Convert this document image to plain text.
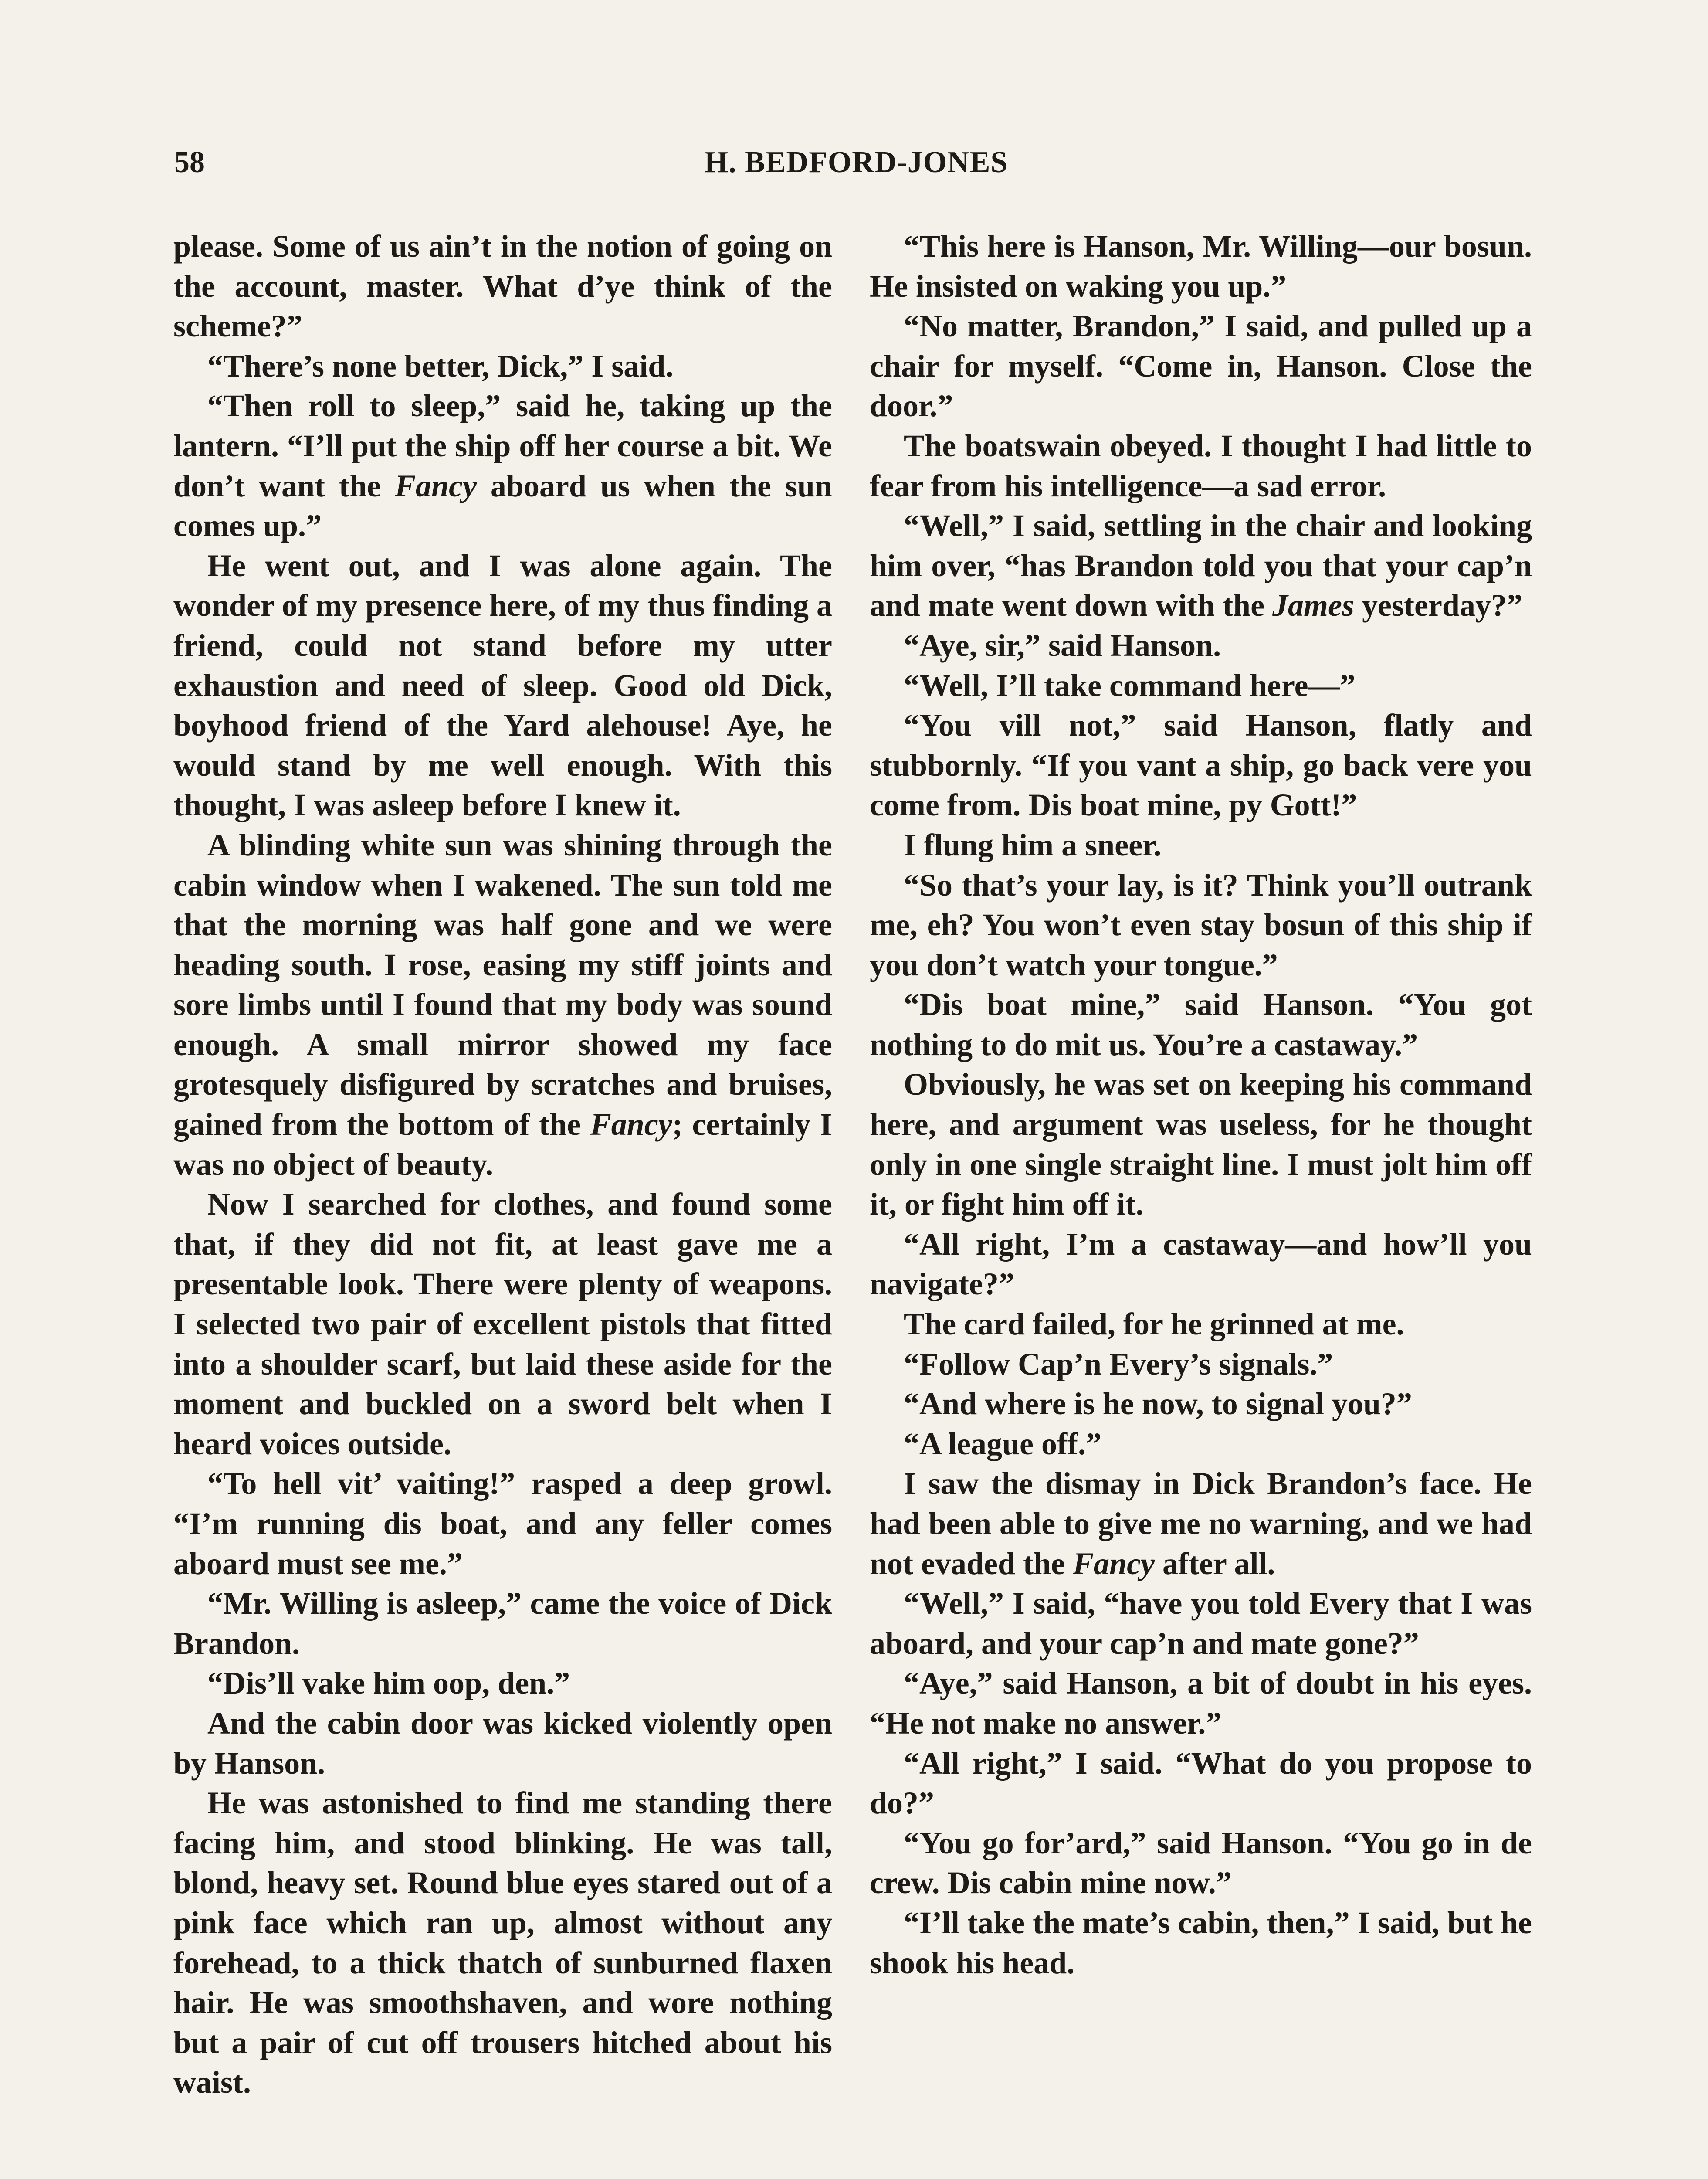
58	H. BEDFORD-JONES

please. Some of us ain’t in the notion of going on the account, master. What d’ye think of the scheme?”

“There’s none better, Dick,” I said.

“Then roll to sleep,” said he, taking up the lantern. “I’ll put the ship off her course a bit. We don’t want the Fancy aboard us when the sun comes up.”

He went out, and I was alone again. The wonder of my presence here, of my thus finding a friend, could not stand before my utter exhaustion and need of sleep. Good old Dick, boyhood friend of the Yard alehouse! Aye, he would stand by me well enough. With this thought, I was asleep before I knew it.

A blinding white sun was shining through the cabin window when I wakened. The sun told me that the morning was half gone and we were heading south. I rose, easing my stiff joints and sore limbs until I found that my body was sound enough. A small mirror showed my face grotesquely disfigured by scratches and bruises, gained from the bottom of the Fancy; certainly I was no object of beauty.

Now I searched for clothes, and found some that, if they did not fit, at least gave me a presentable look. There were plenty of weapons. I selected two pair of excellent pistols that fitted into a shoulder scarf, but laid these aside for the moment and buckled on a sword belt when I heard voices outside.

“To hell vit’ vaiting!” rasped a deep growl. “I’m running dis boat, and any feller comes aboard must see me.”

“Mr. Willing is asleep,” came the voice of Dick Brandon.

“Dis’ll vake him oop, den.”

And the cabin door was kicked violently open by Hanson.

He was astonished to find me standing there facing him, and stood blinking. He was tall, blond, heavy set. Round blue eyes stared out of a pink face which ran up, almost without any forehead, to a thick thatch of sunburned flaxen hair. He was smoothshaven, and wore nothing but a pair of cut off trousers hitched about his waist.

“This here is Hanson, Mr. Willing—our bosun. He insisted on waking you up.”

“No matter, Brandon,” I said, and pulled up a chair for myself. “Come in, Hanson. Close the door.”

The boatswain obeyed. I thought I had little to fear from his intelligence—a sad error.

“Well,” I said, settling in the chair and looking him over, “has Brandon told you that your cap’n and mate went down with the James yesterday?”

“Aye, sir,” said Hanson.

“Well, I’ll take command here—”

“You vill not,” said Hanson, flatly and stubbornly. “If you vant a ship, go back vere you come from. Dis boat mine, py Gott!”

I flung him a sneer.

“So that’s your lay, is it? Think you’ll outrank me, eh? You won’t even stay bosun of this ship if you don’t watch your tongue.”

“Dis boat mine,” said Hanson. “You got nothing to do mit us. You’re a castaway.”

Obviously, he was set on keeping his command here, and argument was useless, for he thought only in one single straight line. I must jolt him off it, or fight him off it.

“All right, I’m a castaway—and how’ll you navigate?”

The card failed, for he grinned at me.

“Follow Cap’n Every’s signals.”

“And where is he now, to signal you?”

“A league off.”

I saw the dismay in Dick Brandon’s face. He had been able to give me no warning, and we had not evaded the Fancy after all.

“Well,” I said, “have you told Every that I was aboard, and your cap’n and mate gone?”

“Aye,” said Hanson, a bit of doubt in his eyes. “He not make no answer.”

“All right,” I said. “What do you propose to do?”

“You go for’ard,” said Hanson. “You go in de crew. Dis cabin mine now.”

“I’ll take the mate’s cabin, then,” I said, but he shook his head.
